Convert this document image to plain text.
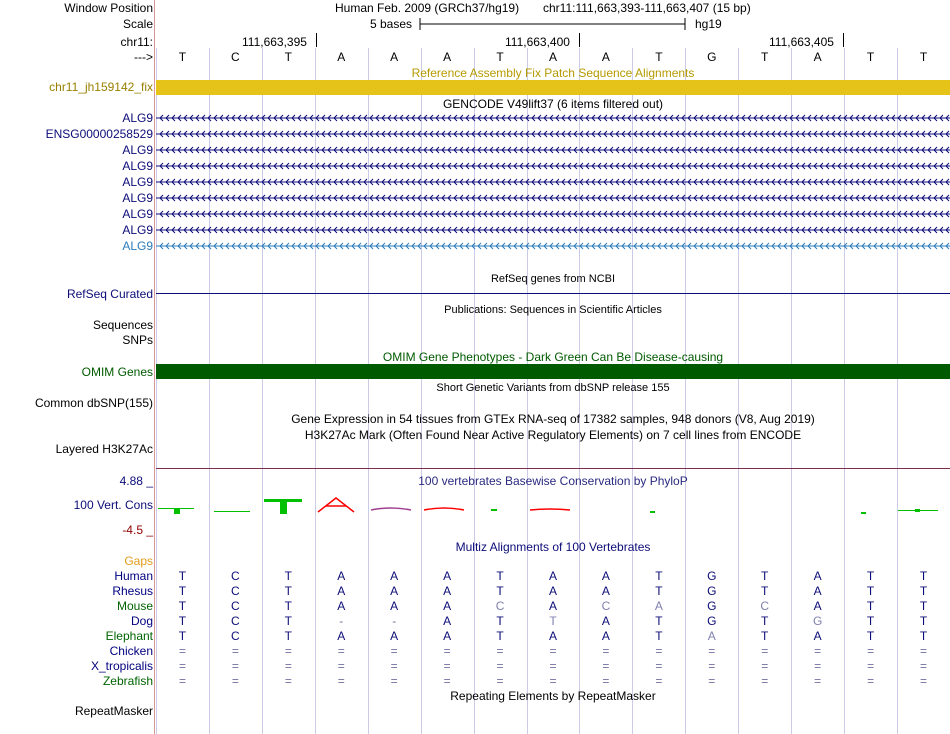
Window Position	Human Feb. 2009 (GRCh37/hg19) chr11:111,663,393-111,663,407 (15 bp)
Scale	5 bases	hg19
chr11:	111,663,395	111,663,400	111,663,405
--->	T	C	T	A	A	A	T	A	A	T	G	T	A	T	T
Reference Assembly Fix Patch Sequence Alignments
chr11_jh159142_fix
GENCODE V49lift37 (6 items filtered out)
ALG9
ENSG00000258529
ALG9
ALG9
ALG9
ALG9
ALG9
ALG9
ALG9
RefSeq genes from NCBI
RefSeq Curated
Publications: Sequences in Scientific Articles
Sequences
SNPs
OMIM Gene Phenotypes - Dark Green Can Be Disease-causing
OMIM Genes
Short Genetic Variants from dbSNP release 155
Common dbSNP(155)
Gene Expression in 54 tissues from GTEx RNA-seq of 17382 samples, 948 donors (V8, Aug 2019)
H3K27Ac Mark (Often Found Near Active Regulatory Elements) on 7 cell lines from ENCODE
Layered H3K27Ac
100 vertebrates Basewise Conservation by PhyloP
4.88 _
100 Vert. Cons
-4.5 _
Multiz Alignments of 100 Vertebrates
Gaps
Human	T	C	T	A	A	A	T	A	A	T	G	T	A	T	T
Rhesus	T	C	T	A	A	A	T	A	A	T	G	T	A	T	T
Mouse	T	C	T	A	A	A	C	A	C	A	G	C	A	T	T
Dog	T	C	T	-	-	A	T	T	A	T	G	T	G	T	T
Elephant	T	C	T	A	A	A	T	A	A	T	A	T	A	T	T
Chicken	=	=	=	=	=	=	=	=	=	=	=	=	=	=	=
X_tropicalis	=	=	=	=	=	=	=	=	=	=	=	=	=	=	=
Zebrafish	=	=	=	=	=	=	=	=	=	=	=	=	=	=	=
Repeating Elements by RepeatMasker
RepeatMasker
